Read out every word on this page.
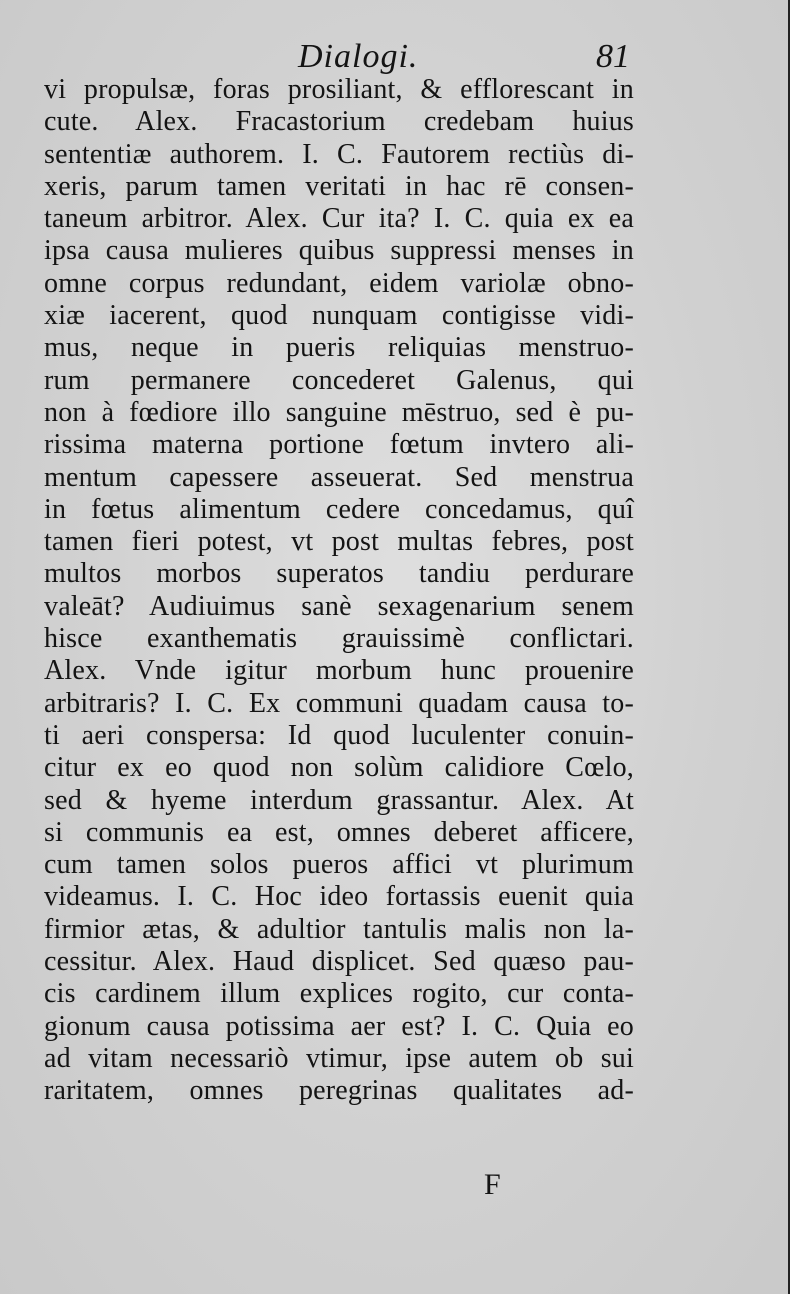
Dialogi.	81
vi propulsæ, foras prosiliant, & efflorescant in
cute. Alex. Fracastorium credebam huius
sententiæ authorem. I. C. Fautorem rectiùs di-
xeris, parum tamen veritati in hac rē consen-
taneum arbitror. Alex. Cur ita? I. C. quia ex ea
ipsa causa mulieres quibus suppressi menses in
omne corpus redundant, eidem variolæ obno-
xiæ iacerent, quod nunquam contigisse vidi-
mus, neque in pueris reliquias menstruo-
rum permanere concederet Galenus, qui
non à fœdiore illo sanguine mēstruo, sed è pu-
rissima materna portione fœtum invtero ali-
mentum capessere asseuerat. Sed menstrua
in fœtus alimentum cedere concedamus, quî
tamen fieri potest, vt post multas febres, post
multos morbos superatos tandiu perdurare
valeāt? Audiuimus sanè sexagenarium senem
hisce exanthematis grauissimè conflictari.
Alex. Vnde igitur morbum hunc prouenire
arbitraris? I. C. Ex communi quadam causa to-
ti aeri conspersa: Id quod luculenter conuin-
citur ex eo quod non solùm calidiore Cœlo,
sed & hyeme interdum grassantur. Alex. At
si communis ea est, omnes deberet afficere,
cum tamen solos pueros affici vt plurimum
videamus. I. C. Hoc ideo fortassis euenit quia
firmior ætas, & adultior tantulis malis non la-
cessitur. Alex. Haud displicet. Sed quæso pau-
cis cardinem illum explices rogito, cur conta-
gionum causa potissima aer est? I. C. Quia eo
ad vitam necessariò vtimur, ipse autem ob sui
raritatem, omnes peregrinas qualitates ad-
F
